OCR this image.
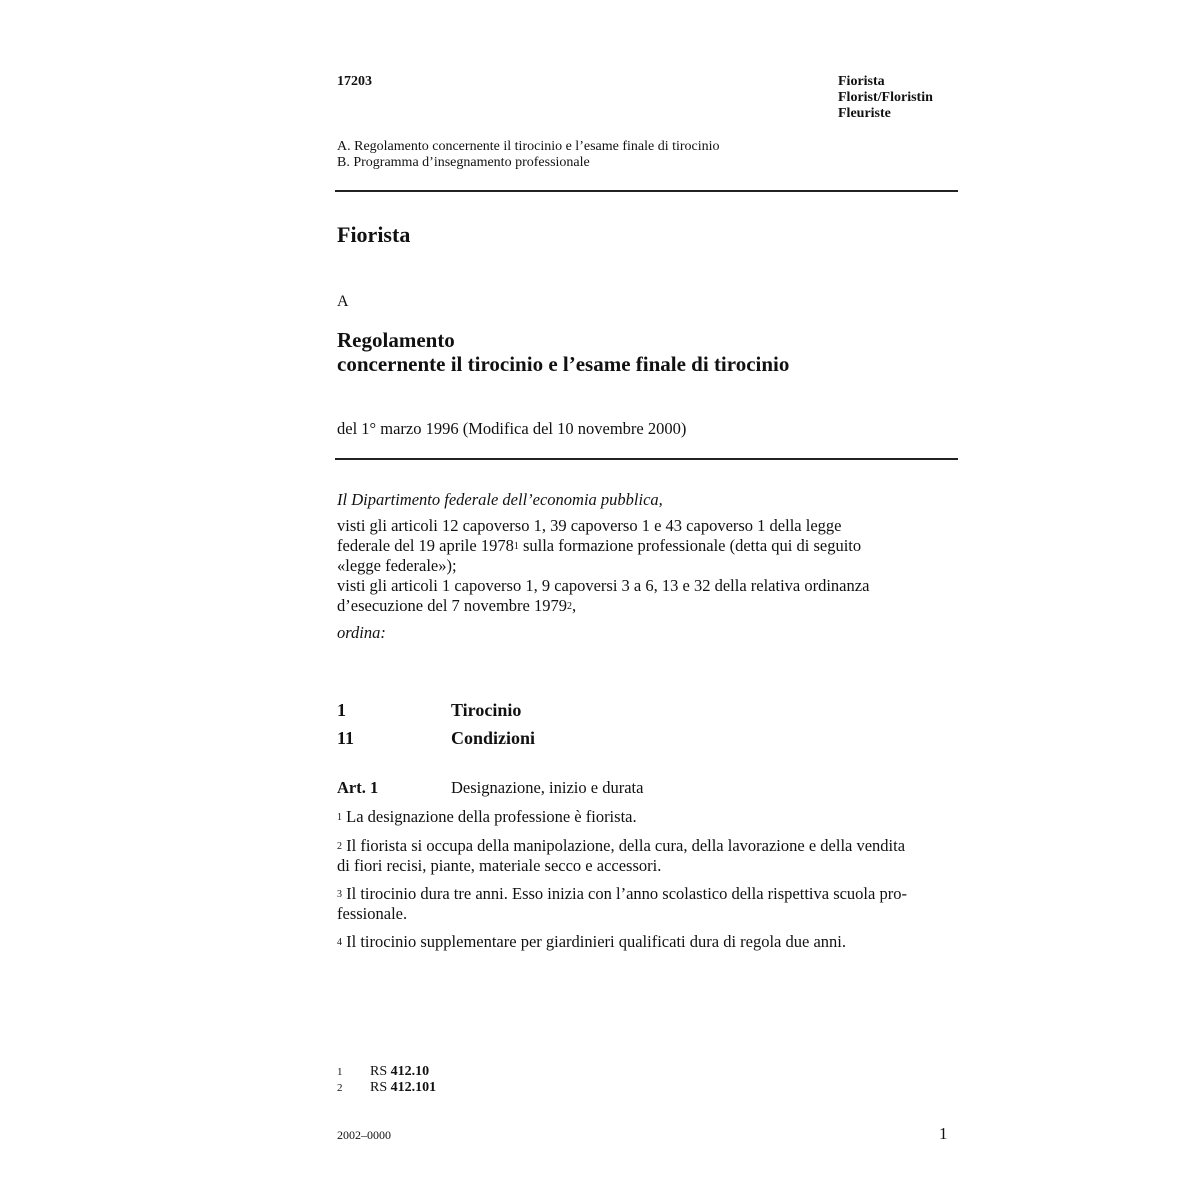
17203	Fiorista
Florist/Floristin
Fleuriste
A. Regolamento concernente il tirocinio e l’esame finale di tirocinio
B. Programma d’insegnamento professionale
Fiorista
A
Regolamento
concernente il tirocinio e l’esame finale di tirocinio
del 1° marzo 1996 (Modifica del 10 novembre 2000)
Il Dipartimento federale dell’economia pubblica,
visti gli articoli 12 capoverso 1, 39 capoverso 1 e 43 capoverso 1 della legge
federale del 19 aprile 1978$^1$ sulla formazione professionale (detta qui di seguito
«legge federale»);
visti gli articoli 1 capoverso 1, 9 capoversi 3 a 6, 13 e 32 della relativa ordinanza
d’esecuzione del 7 novembre 1979$^2$,
ordina:
1	Tirocinio
11	Condizioni
Art. 1	Designazione, inizio e durata
$^1$ La designazione della professione è fiorista.
$^2$ Il fiorista si occupa della manipolazione, della cura, della lavorazione e della vendita
di fiori recisi, piante, materiale secco e accessori.
$^3$ Il tirocinio dura tre anni. Esso inizia con l’anno scolastico della rispettiva scuola pro-
fessionale.
$^4$ Il tirocinio supplementare per giardinieri qualificati dura di regola due anni.
1 RS 412.10
2 RS 412.101
2002–0000	1
